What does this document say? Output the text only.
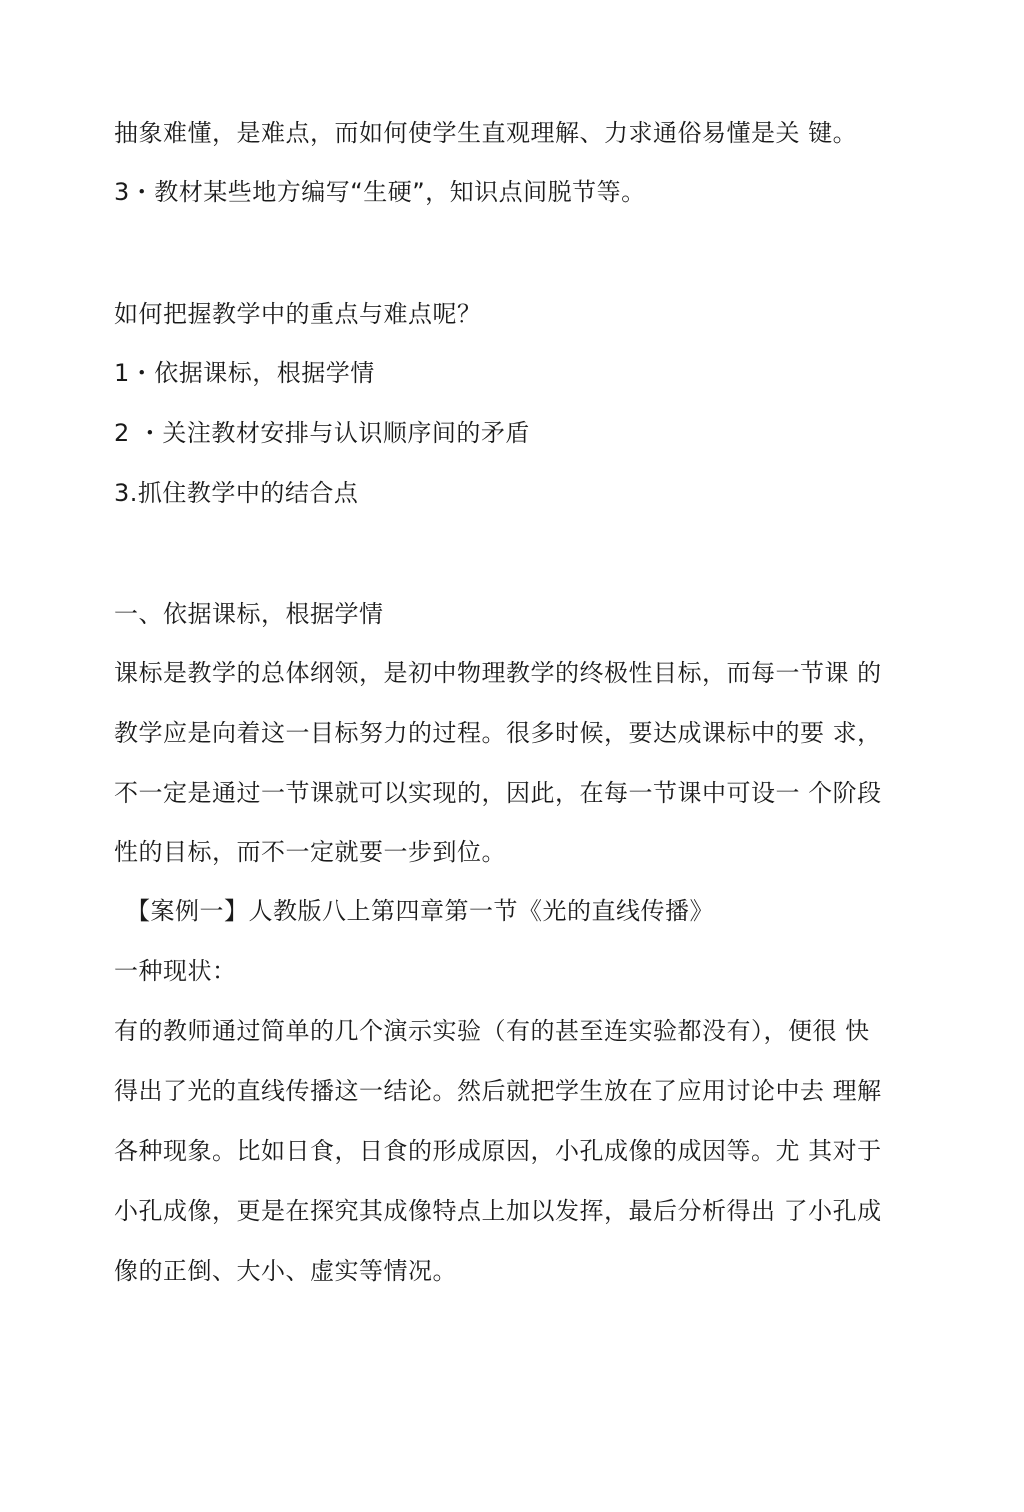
抽象难懂，是难点，而如何使学生直观理解、力求通俗易懂是关 键。
3・教材某些地方编写“生硬”，知识点间脱节等。
如何把握教学中的重点与难点呢？
1・依据课标，根据学情
2 ・关注教材安排与认识顺序间的矛盾
3.抓住教学中的结合点
一、依据课标，根据学情
课标是教学的总体纲领，是初中物理教学的终极性目标，而每一节课 的
教学应是向着这一目标努力的过程。很多时候，要达成课标中的要 求，
不一定是通过一节课就可以实现的，因此，在每一节课中可设一 个阶段
性的目标，而不一定就要一步到位。
【案例一】人教版八上第四章第一节《光的直线传播》
一种现状：
有的教师通过简单的几个演示实验（有的甚至连实验都没有），便很 快
得出了光的直线传播这一结论。然后就把学生放在了应用讨论中去 理解
各种现象。比如日食，日食的形成原因，小孔成像的成因等。尤 其对于
小孔成像，更是在探究其成像特点上加以发挥，最后分析得出 了小孔成
像的正倒、大小、虚实等情况。
